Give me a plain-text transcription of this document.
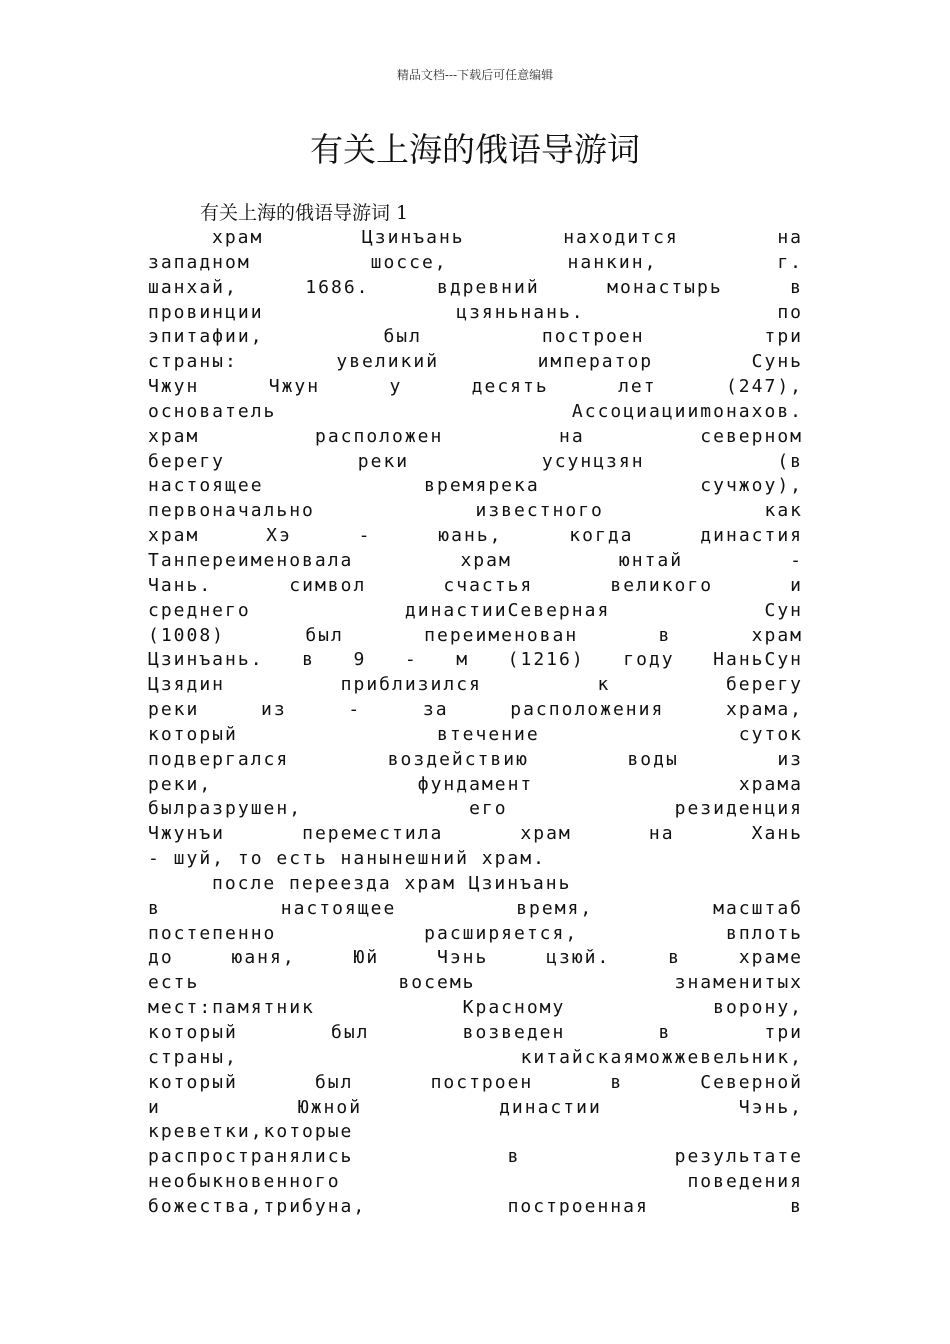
精品文档---下载后可任意编辑
有关上海的俄语导游词
有关上海的俄语导游词 1
храм Цзинъань находится на
западном шоссе, нанкин, г.
шанхай, 1686. вдревний монастырь в
провинции цзяньнань. по
эпитафии, был построен три
страны: увеликий император Сунь
Чжун Чжун у десять лет (247),
основатель Ассоциацииmонахов.
храм расположен на северном
берегу реки усунцзян (в
настоящее времярека сучжоу),
первоначально известного как
храм Хэ - юань, когда династия
Танпереименовала храм юнтай -
Чань. символ счастья великого и
среднего династииСеверная Сун
(1008) был переименован в храм
Цзинъань. в 9 - м (1216) году НаньСун
Цзядин приблизился к берегу
реки из - за расположения храма,
который втечение суток
подвергался воздействию воды из
реки, фундамент храма
былразрушен, его резиденция
Чжунъи переместила храм на Хань
- шуй, то есть нанынешний храм.
после переезда храм Цзинъань
в настоящее время, масштаб
постепенно расширяется, вплоть
до юаня, Юй Чэнь цзюй. в храме
есть восемь знаменитых
мест:памятник Красному ворону,
который был возведен в три
страны, китайскаяможжевельник,
который был построен в Северной
и Южной династии Чэнь,
креветки,которые
распространялись в результате
необыкновенного поведения
божества,трибуна, построенная в
